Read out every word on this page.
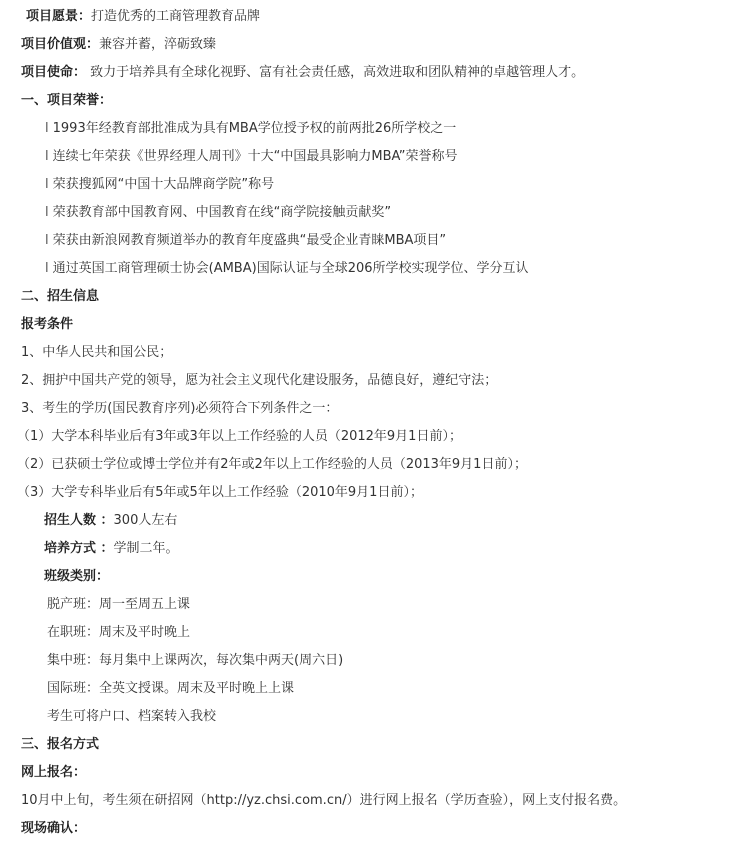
项目愿景：打造优秀的工商管理教育品牌
项目价值观：兼容并蓄，淬砺致臻
项目使命： 致力于培养具有全球化视野、富有社会责任感，高效进取和团队精神的卓越管理人才。
一、项目荣誉：
l 1993年经教育部批准成为具有MBA学位授予权的前两批26所学校之一
l 连续七年荣获《世界经理人周刊》十大“中国最具影响力MBA”荣誉称号
l 荣获搜狐网“中国十大品牌商学院”称号
l 荣获教育部中国教育网、中国教育在线“商学院接触贡献奖”
l 荣获由新浪网教育频道举办的教育年度盛典“最受企业青睐MBA项目”
l 通过英国工商管理硕士协会(AMBA)国际认证与全球206所学校实现学位、学分互认
二、招生信息
报考条件
1、中华人民共和国公民；
2、拥护中国共产党的领导，愿为社会主义现代化建设服务，品德良好，遵纪守法；
3、考生的学历(国民教育序列)必须符合下列条件之一：
（1）大学本科毕业后有3年或3年以上工作经验的人员（2012年9月1日前）；
（2）已获硕士学位或博士学位并有2年或2年以上工作经验的人员（2013年9月1日前）；
（3）大学专科毕业后有5年或5年以上工作经验（2010年9月1日前）；
招生人数 ：300人左右
培养方式 ：学制二年。
班级类别：
脱产班：周一至周五上课
在职班：周末及平时晚上
集中班：每月集中上课两次，每次集中两天(周六日)
国际班：全英文授课。周末及平时晚上上课
考生可将户口、档案转入我校
三、报名方式
网上报名：
10月中上旬，考生须在研招网（http://yz.chsi.com.cn/）进行网上报名（学历查验），网上支付报名费。
现场确认：
